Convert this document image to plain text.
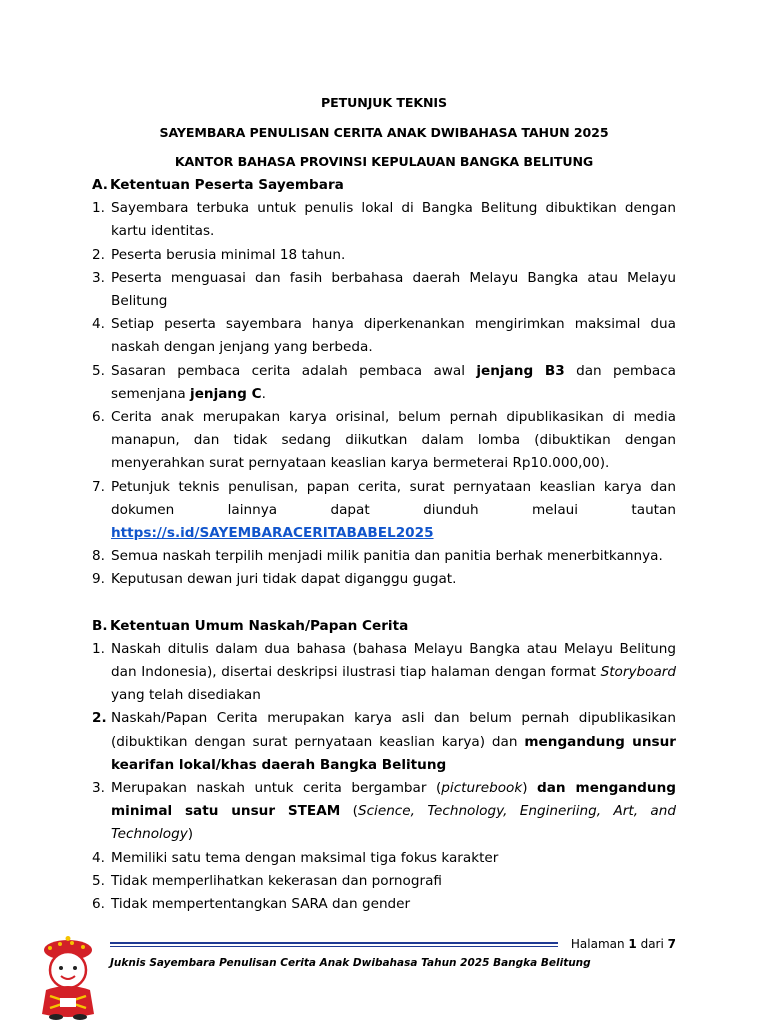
PETUNJUK TEKNIS
SAYEMBARA PENULISAN CERITA ANAK DWIBAHASA TAHUN 2025
KANTOR BAHASA PROVINSI KEPULAUAN BANGKA BELITUNG
A. Ketentuan Peserta Sayembara
1. Sayembara terbuka untuk penulis lokal di Bangka Belitung dibuktikan dengan kartu identitas.
2. Peserta berusia minimal 18 tahun.
3. Peserta menguasai dan fasih berbahasa daerah Melayu Bangka atau Melayu Belitung
4. Setiap peserta sayembara hanya diperkenankan mengirimkan maksimal dua naskah dengan jenjang yang berbeda.
5. Sasaran pembaca cerita adalah pembaca awal jenjang B3 dan pembaca semenjana jenjang C.
6. Cerita anak merupakan karya orisinal, belum pernah dipublikasikan di media manapun, dan tidak sedang diikutkan dalam lomba (dibuktikan dengan menyerahkan surat pernyataan keaslian karya bermeterai Rp10.000,00).
7. Petunjuk teknis penulisan, papan cerita, surat pernyataan keaslian karya dan
dokumen	lainnya	dapat	diunduh	melaui	tautan
https://s.id/SAYEMBARACERITABABEL2025
8. Semua naskah terpilih menjadi milik panitia dan panitia berhak menerbitkannya.
9. Keputusan dewan juri tidak dapat diganggu gugat.
B. Ketentuan Umum Naskah/Papan Cerita
1. Naskah ditulis dalam dua bahasa (bahasa Melayu Bangka atau Melayu Belitung dan Indonesia), disertai deskripsi ilustrasi tiap halaman dengan format Storyboard yang telah disediakan
2. Naskah/Papan Cerita merupakan karya asli dan belum pernah dipublikasikan (dibuktikan dengan surat pernyataan keaslian karya) dan mengandung unsur kearifan lokal/khas daerah Bangka Belitung
3. Merupakan naskah untuk cerita bergambar (picturebook) dan mengandung minimal satu unsur STEAM (Science, Technology, Engineriing, Art, and Technology)
4. Memiliki satu tema dengan maksimal tiga fokus karakter
5. Tidak memperlihatkan kekerasan dan pornografi
6. Tidak mempertentangkan SARA dan gender
Halaman 1 dari 7
Juknis Sayembara Penulisan Cerita Anak Dwibahasa Tahun 2025 Bangka Belitung
